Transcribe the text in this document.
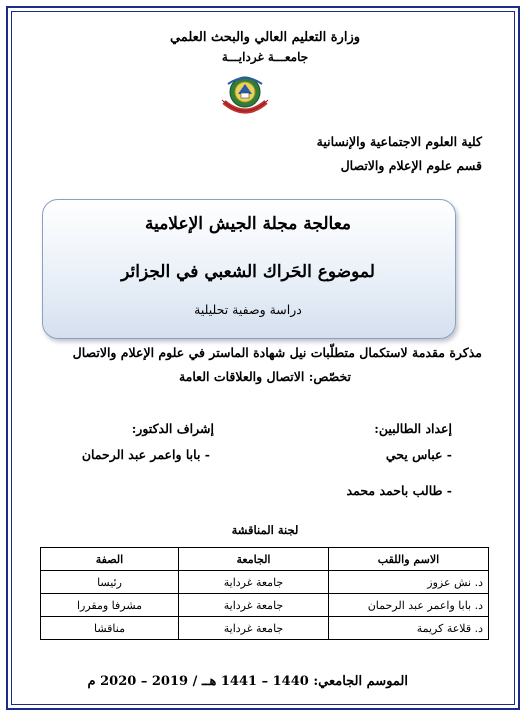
وزارة التعليم العالي والبحث العلمي
جامعـــة غردايـــة
كلية العلوم الاجتماعية والإنسانية
قسم علوم الإعلام والاتصال
معالجة مجلة الجيش الإعلامية
لموضوع الحَراك الشعبي في الجزائر
دراسة وصفية تحليلية
مذكرة مقدمة لاستكمال متطلّبات نيل شهادة الماستر في علوم الإعلام والاتصال
تخصّص: الاتصال والعلاقات العامة
إعداد الطالبين:
إشراف الدكتور:
- عباس يحي
- طالب باحمد محمد
- بابا واعمر عبد الرحمان
لجنة المناقشة
الاسم واللقب	الجامعة	الصفة
د. نش عزوز	جامعة غرداية	رئيسا
د. بابا واعمر عبد الرحمان	جامعة غرداية	مشرفا ومقررا
د. قلاعة كريمة	جامعة غرداية	مناقشا
الموسم الجامعي: 1440 – 1441 هــ / 2019 – 2020 م
